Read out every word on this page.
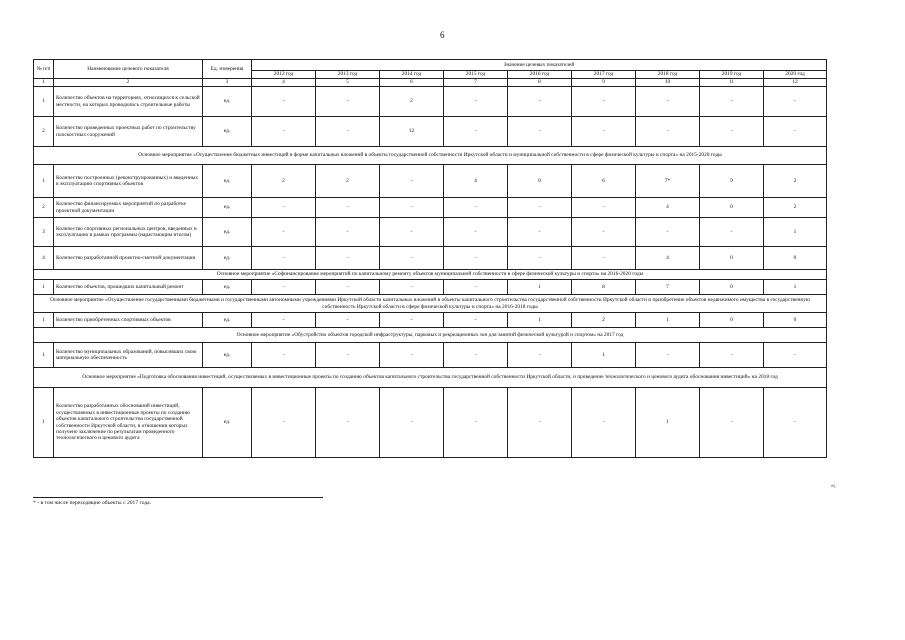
6
·
№ п/п	Наименование целевого показателя	Ед. измерения	Значение целевых показателей								
			2012 год	2013 год	2014 год	2015 год	2016 год	2017 год	2018 год	2019 год	2020 год
1	2	3	4	5	6	7	8	9	10	11	12
1	Количество объектов на территориях, относящихся к сельской местности, на которых проводились строительные работы	ед.	-	-	2	-	-	-	-	-	-
2	Количество проведенных проектных работ по строительству плоскостных сооружений	ед.	-	-	12	-	-	-	-	-	-
Основное мероприятие «Осуществление бюджетных инвестиций в форме капитальных вложений в объекты государственной собственности Иркутской области и муниципальной собственности в сфере физической культуры и спорта» на 2015-2020 годы											
1	Количество построенных (реконструированных) и введенных в эксплуатацию спортивных объектов	ед.	2	2	-	4	0	6	7*	9	2
2	Количество финансируемых мероприятий по разработке проектной документации	ед.	-	-	-	-	-	-	4	0	2
3	Количество спортивных региональных центров, введенных в эксплуатацию в рамках программы (нарастающим итогом)	ед.	-	-	-	-	-	-	-	-	1
4	Количество разработанной проектно-сметной документации	ед.	-	-	-	-	-	-	4	0	0
Основное мероприятие «Софинансирование мероприятий по капитальному ремонту объектов муниципальной собственности в сфере физической культуры и спорта» на 2016-2020 годы											
1	Количество объектов, прошедших капитальный ремонт	ед.	-	-	-	-	1	8	7	0	1
Основное мероприятие «Осуществление государственными бюджетными и государственными автономными учреждениями Иркутской области капитальных вложений в объекты капитального строительства государственной собственности Иркутской области и приобретение объектов недвижимого имущества в государственную собственность Иркутской области в сфере физической культуры и спорта» на 2016-2018 годы											
1	Количество приобретенных спортивных объектов	ед.	-	-	-	-	1	2	1	0	0
Основное мероприятие «Обустройство объектов городской инфраструктуры, парковых и рекреационных зон для занятий физической культурой и спортом» на 2017 год											
1	Количество муниципальных образований, повысивших свою материальную обеспеченность	ед.	-	-	-	-	-	1	-	-	-
Основное мероприятие «Подготовка обоснования инвестиций, осуществляемых в инвестиционные проекты по созданию объектов капитального строительства государственной собственности Иркутской области, и проведение технологического и ценового аудита обоснования инвестиций» на 2018 год											
1	Количество разработанных обоснований инвестиций, осуществляемых в инвестиционные проекты по созданию объектов капитального строительства государственной собственности Иркутской области, в отношении которых получено заключение по результатам проведенного технологического и ценового аудита	ед.	-	-	-	-	-	-	1	-	-
»;
* - в том числе переходящие объекты с 2017 года.
